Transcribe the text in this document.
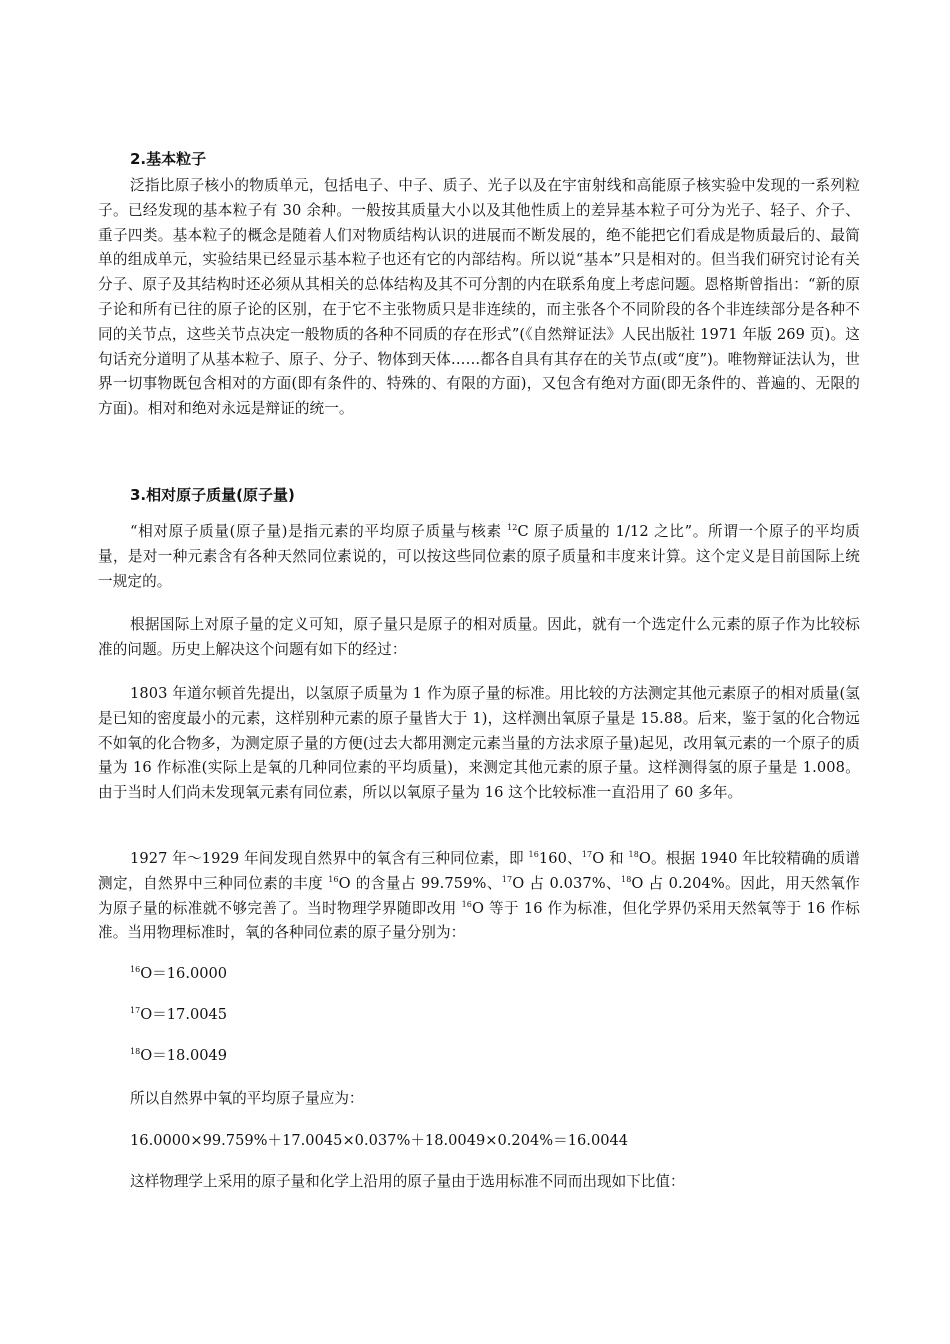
2.基本粒子

泛指比原子核小的物质单元，包括电子、中子、质子、光子以及在宇宙射线和高能原子核实验中发现的一系列粒子。已经发现的基本粒子有 30 余种。一般按其质量大小以及其他性质上的差异基本粒子可分为光子、轻子、介子、重子四类。基本粒子的概念是随着人们对物质结构认识的进展而不断发展的，绝不能把它们看成是物质最后的、最简单的组成单元，实验结果已经显示基本粒子也还有它的内部结构。所以说“基本”只是相对的。但当我们研究讨论有关分子、原子及其结构时还必须从其相关的总体结构及其不可分割的内在联系角度上考虑问题。恩格斯曾指出：“新的原子论和所有已往的原子论的区别，在于它不主张物质只是非连续的，而主张各个不同阶段的各个非连续部分是各种不同的关节点，这些关节点决定一般物质的各种不同质的存在形式”(《自然辩证法》人民出版社 1971 年版 269 页)。这句话充分道明了从基本粒子、原子、分子、物体到天体……都各自具有其存在的关节点(或“度”)。唯物辩证法认为，世界一切事物既包含相对的方面(即有条件的、特殊的、有限的方面)，又包含有绝对方面(即无条件的、普遍的、无限的方面)。相对和绝对永远是辩证的统一。

3.相对原子质量(原子量)

“相对原子质量(原子量)是指元素的平均原子质量与核素 $^{12}$C 原子质量的 1/12 之比”。所谓一个原子的平均质量，是对一种元素含有各种天然同位素说的，可以按这些同位素的原子质量和丰度来计算。这个定义是目前国际上统一规定的。

根据国际上对原子量的定义可知，原子量只是原子的相对质量。因此，就有一个选定什么元素的原子作为比较标准的问题。历史上解决这个问题有如下的经过：

1803 年道尔顿首先提出，以氢原子质量为 1 作为原子量的标准。用比较的方法测定其他元素原子的相对质量(氢是已知的密度最小的元素，这样别种元素的原子量皆大于 1)，这样测出氧原子量是 15.88。后来，鉴于氢的化合物远不如氧的化合物多，为测定原子量的方便(过去大都用测定元素当量的方法求原子量)起见，改用氧元素的一个原子的质量为 16 作标准(实际上是氧的几种同位素的平均质量)，来测定其他元素的原子量。这样测得氢的原子量是 1.008。由于当时人们尚未发现氧元素有同位素，所以以氧原子量为 16 这个比较标准一直沿用了 60 多年。

1927 年～1929 年间发现自然界中的氧含有三种同位素，即 $^{16}$160、$^{17}$O 和 $^{18}$O。根据 1940 年比较精确的质谱测定，自然界中三种同位素的丰度 $^{16}$O 的含量占 99.759%、$^{17}$O 占 0.037%、$^{18}$O 占 0.204%。因此，用天然氧作为原子量的标准就不够完善了。当时物理学界随即改用 $^{16}$O 等于 16 作为标准，但化学界仍采用天然氧等于 16 作标准。当用物理标准时，氧的各种同位素的原子量分别为：

$^{16}$O＝16.0000
$^{17}$O＝17.0045
$^{18}$O＝18.0049
所以自然界中氧的平均原子量应为：
16.0000×99.759%＋17.0045×0.037%＋18.0049×0.204%＝16.0044
这样物理学上采用的原子量和化学上沿用的原子量由于选用标准不同而出现如下比值：
